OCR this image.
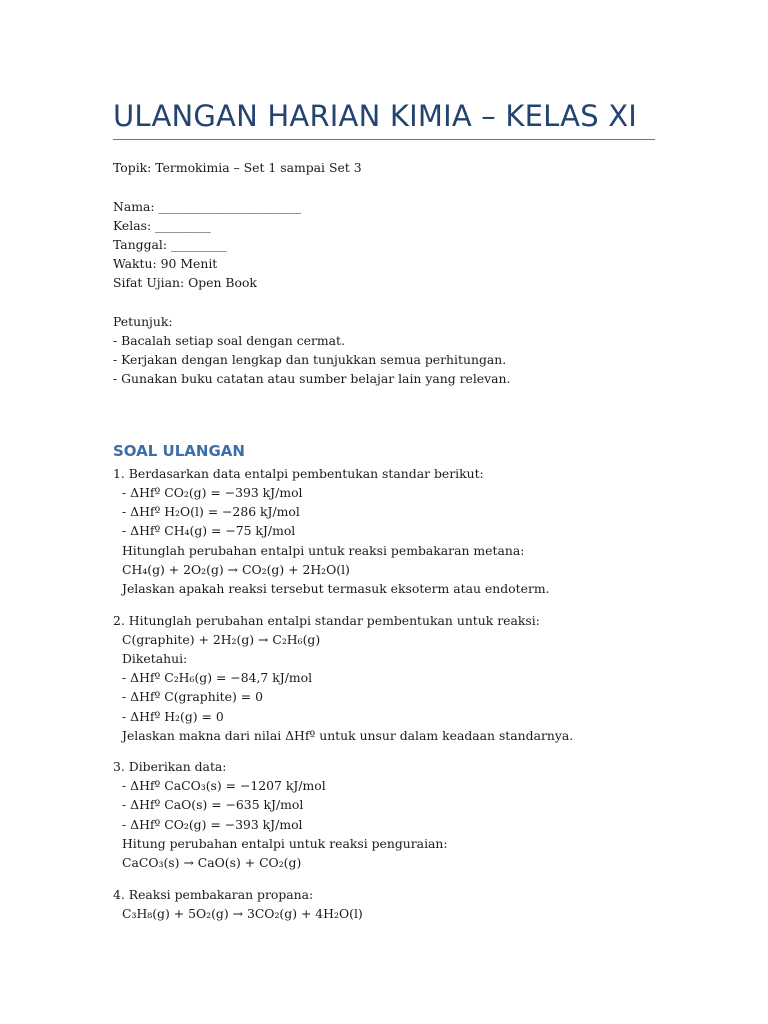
ULANGAN HARIAN KIMIA – KELAS XI
Topik: Termokimia – Set 1 sampai Set 3
Nama: _______________________
Kelas: _________
Tanggal: _________
Waktu: 90 Menit
Sifat Ujian: Open Book
Petunjuk:
- Bacalah setiap soal dengan cermat.
- Kerjakan dengan lengkap dan tunjukkan semua perhitungan.
- Gunakan buku catatan atau sumber belajar lain yang relevan.
SOAL ULANGAN
1. Berdasarkan data entalpi pembentukan standar berikut:
- ΔHfº CO₂(g) = −393 kJ/mol
- ΔHfº H₂O(l) = −286 kJ/mol
- ΔHfº CH₄(g) = −75 kJ/mol
Hitunglah perubahan entalpi untuk reaksi pembakaran metana:
CH₄(g) + 2O₂(g) → CO₂(g) + 2H₂O(l)
Jelaskan apakah reaksi tersebut termasuk eksoterm atau endoterm.
2. Hitunglah perubahan entalpi standar pembentukan untuk reaksi:
C(graphite) + 2H₂(g) → C₂H₆(g)
Diketahui:
- ΔHfº C₂H₆(g) = −84,7 kJ/mol
- ΔHfº C(graphite) = 0
- ΔHfº H₂(g) = 0
Jelaskan makna dari nilai ΔHfº untuk unsur dalam keadaan standarnya.
3. Diberikan data:
- ΔHfº CaCO₃(s) = −1207 kJ/mol
- ΔHfº CaO(s) = −635 kJ/mol
- ΔHfº CO₂(g) = −393 kJ/mol
Hitung perubahan entalpi untuk reaksi penguraian:
CaCO₃(s) → CaO(s) + CO₂(g)
4. Reaksi pembakaran propana:
C₃H₈(g) + 5O₂(g) → 3CO₂(g) + 4H₂O(l)
